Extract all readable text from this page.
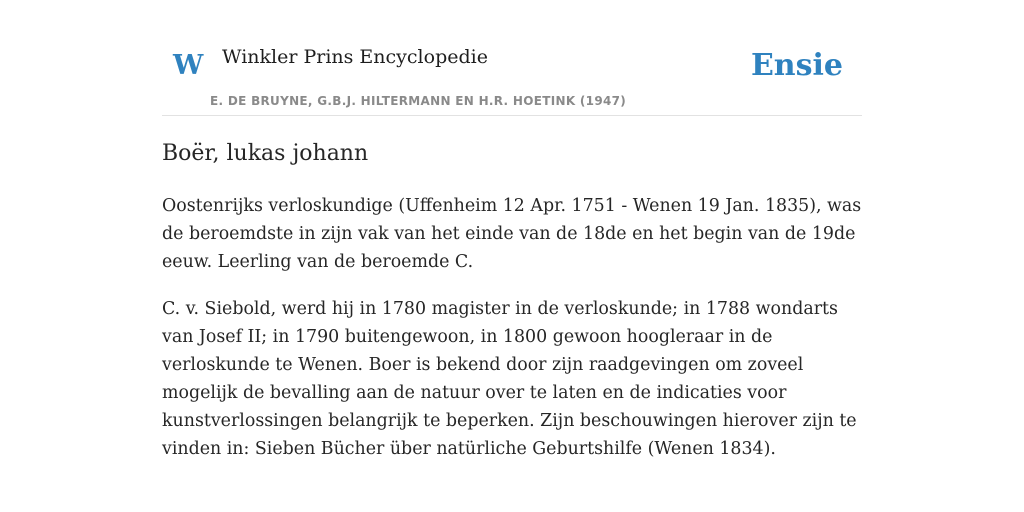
W Winkler Prins Encyclopedie	Ensie
E. DE BRUYNE, G.B.J. HILTERMANN EN H.R. HOETINK (1947)
Boër, lukas johann

Oostenrijks verloskundige (Uffenheim 12 Apr. 1751 - Wenen 19 Jan. 1835), was de beroemdste in zijn vak van het einde van de 18de en het begin van de 19de eeuw. Leerling van de beroemde C.

C. v. Siebold, werd hij in 1780 magister in de verloskunde; in 1788 wondarts van Josef II; in 1790 buitengewoon, in 1800 gewoon hoogleraar in de verloskunde te Wenen. Boer is bekend door zijn raadgevingen om zoveel mogelijk de bevalling aan de natuur over te laten en de indicaties voor kunstverlossingen belangrijk te beperken. Zijn beschouwingen hierover zijn te vinden in: Sieben Bücher über natürliche Geburtshilfe (Wenen 1834).
